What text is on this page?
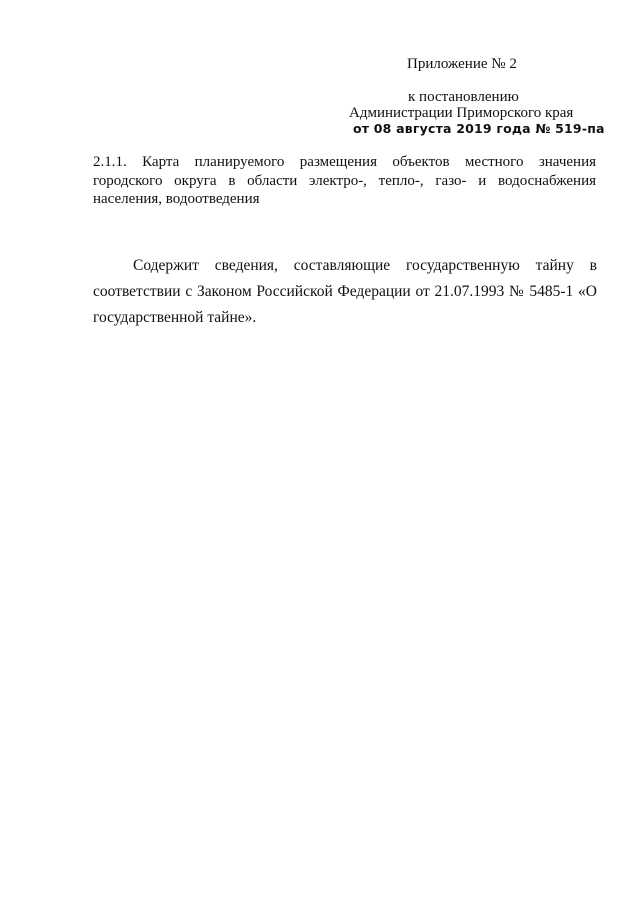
Приложение № 2
к постановлению
Администрации Приморского края
от 08 августа 2019 года № 519-па

2.1.1. Карта планируемого размещения объектов местного значения городского округа в области электро-, тепло-, газо- и водоснабжения населения, водоотведения

Содержит сведения, составляющие государственную тайну в соответствии с Законом Российской Федерации от 21.07.1993 № 5485-1 «О государственной тайне».
